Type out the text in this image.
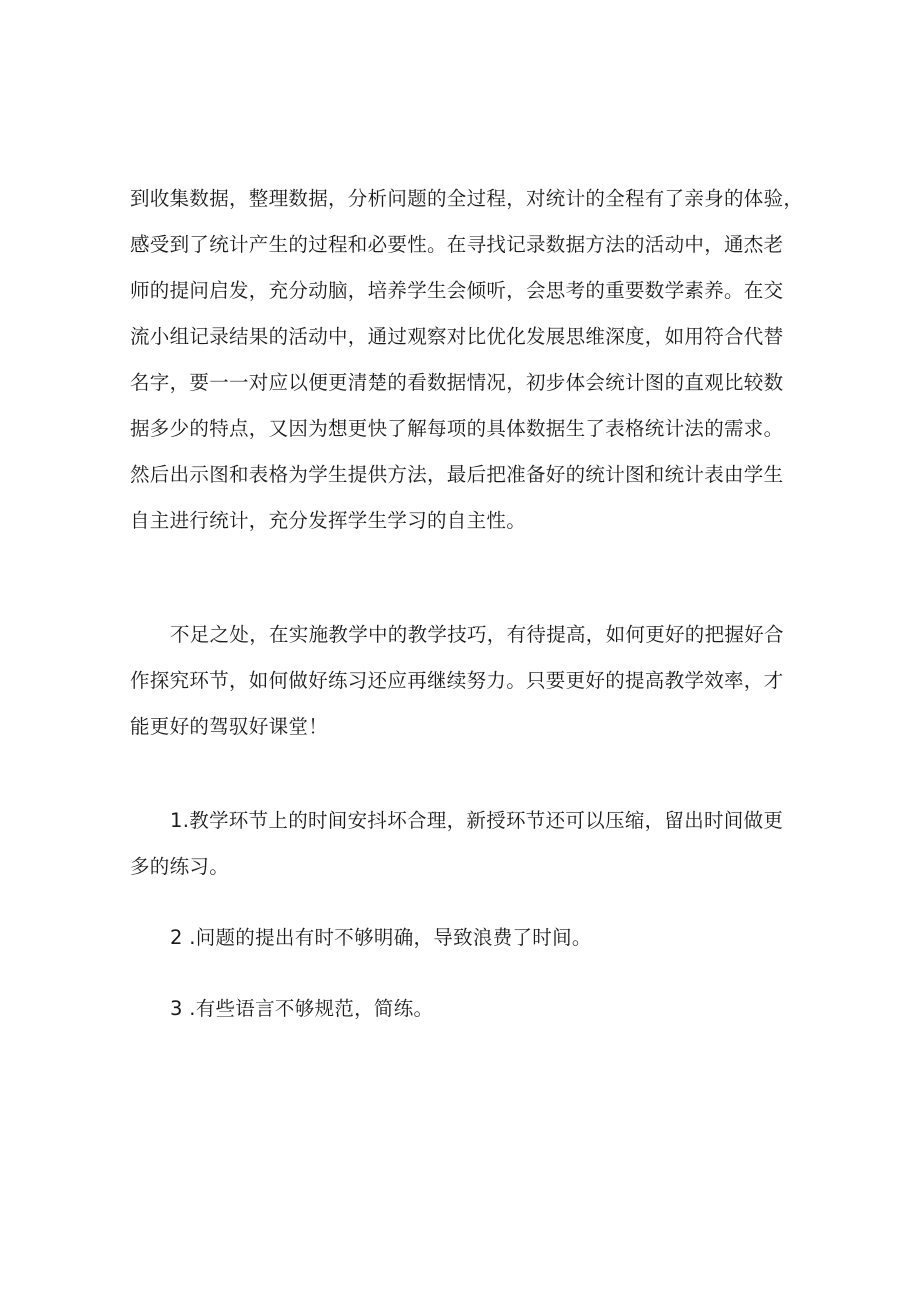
到收集数据，整理数据，分析问题的全过程，对统计的全程有了亲身的体验，
感受到了统计产生的过程和必要性。在寻找记录数据方法的活动中，通杰老
师的提问启发，充分动脑，培养学生会倾听，会思考的重要数学素养。在交
流小组记录结果的活动中，通过观察对比优化发展思维深度，如用符合代替
名字，要一一对应以便更清楚的看数据情况，初步体会统计图的直观比较数
据多少的特点，又因为想更快了解每项的具体数据生了表格统计法的需求。
然后出示图和表格为学生提供方法，最后把准备好的统计图和统计表由学生
自主进行统计，充分发挥学生学习的自主性。
不足之处，在实施教学中的教学技巧，有待提高，如何更好的把握好合
作探究环节，如何做好练习还应再继续努力。只要更好的提高教学效率，才
能更好的驾驭好课堂！
1.教学环节上的时间安抖坏合理，新授环节还可以压缩，留出时间做更
多的练习。
2 .问题的提出有时不够明确，导致浪费了时间。
3 .有些语言不够规范，简练。
